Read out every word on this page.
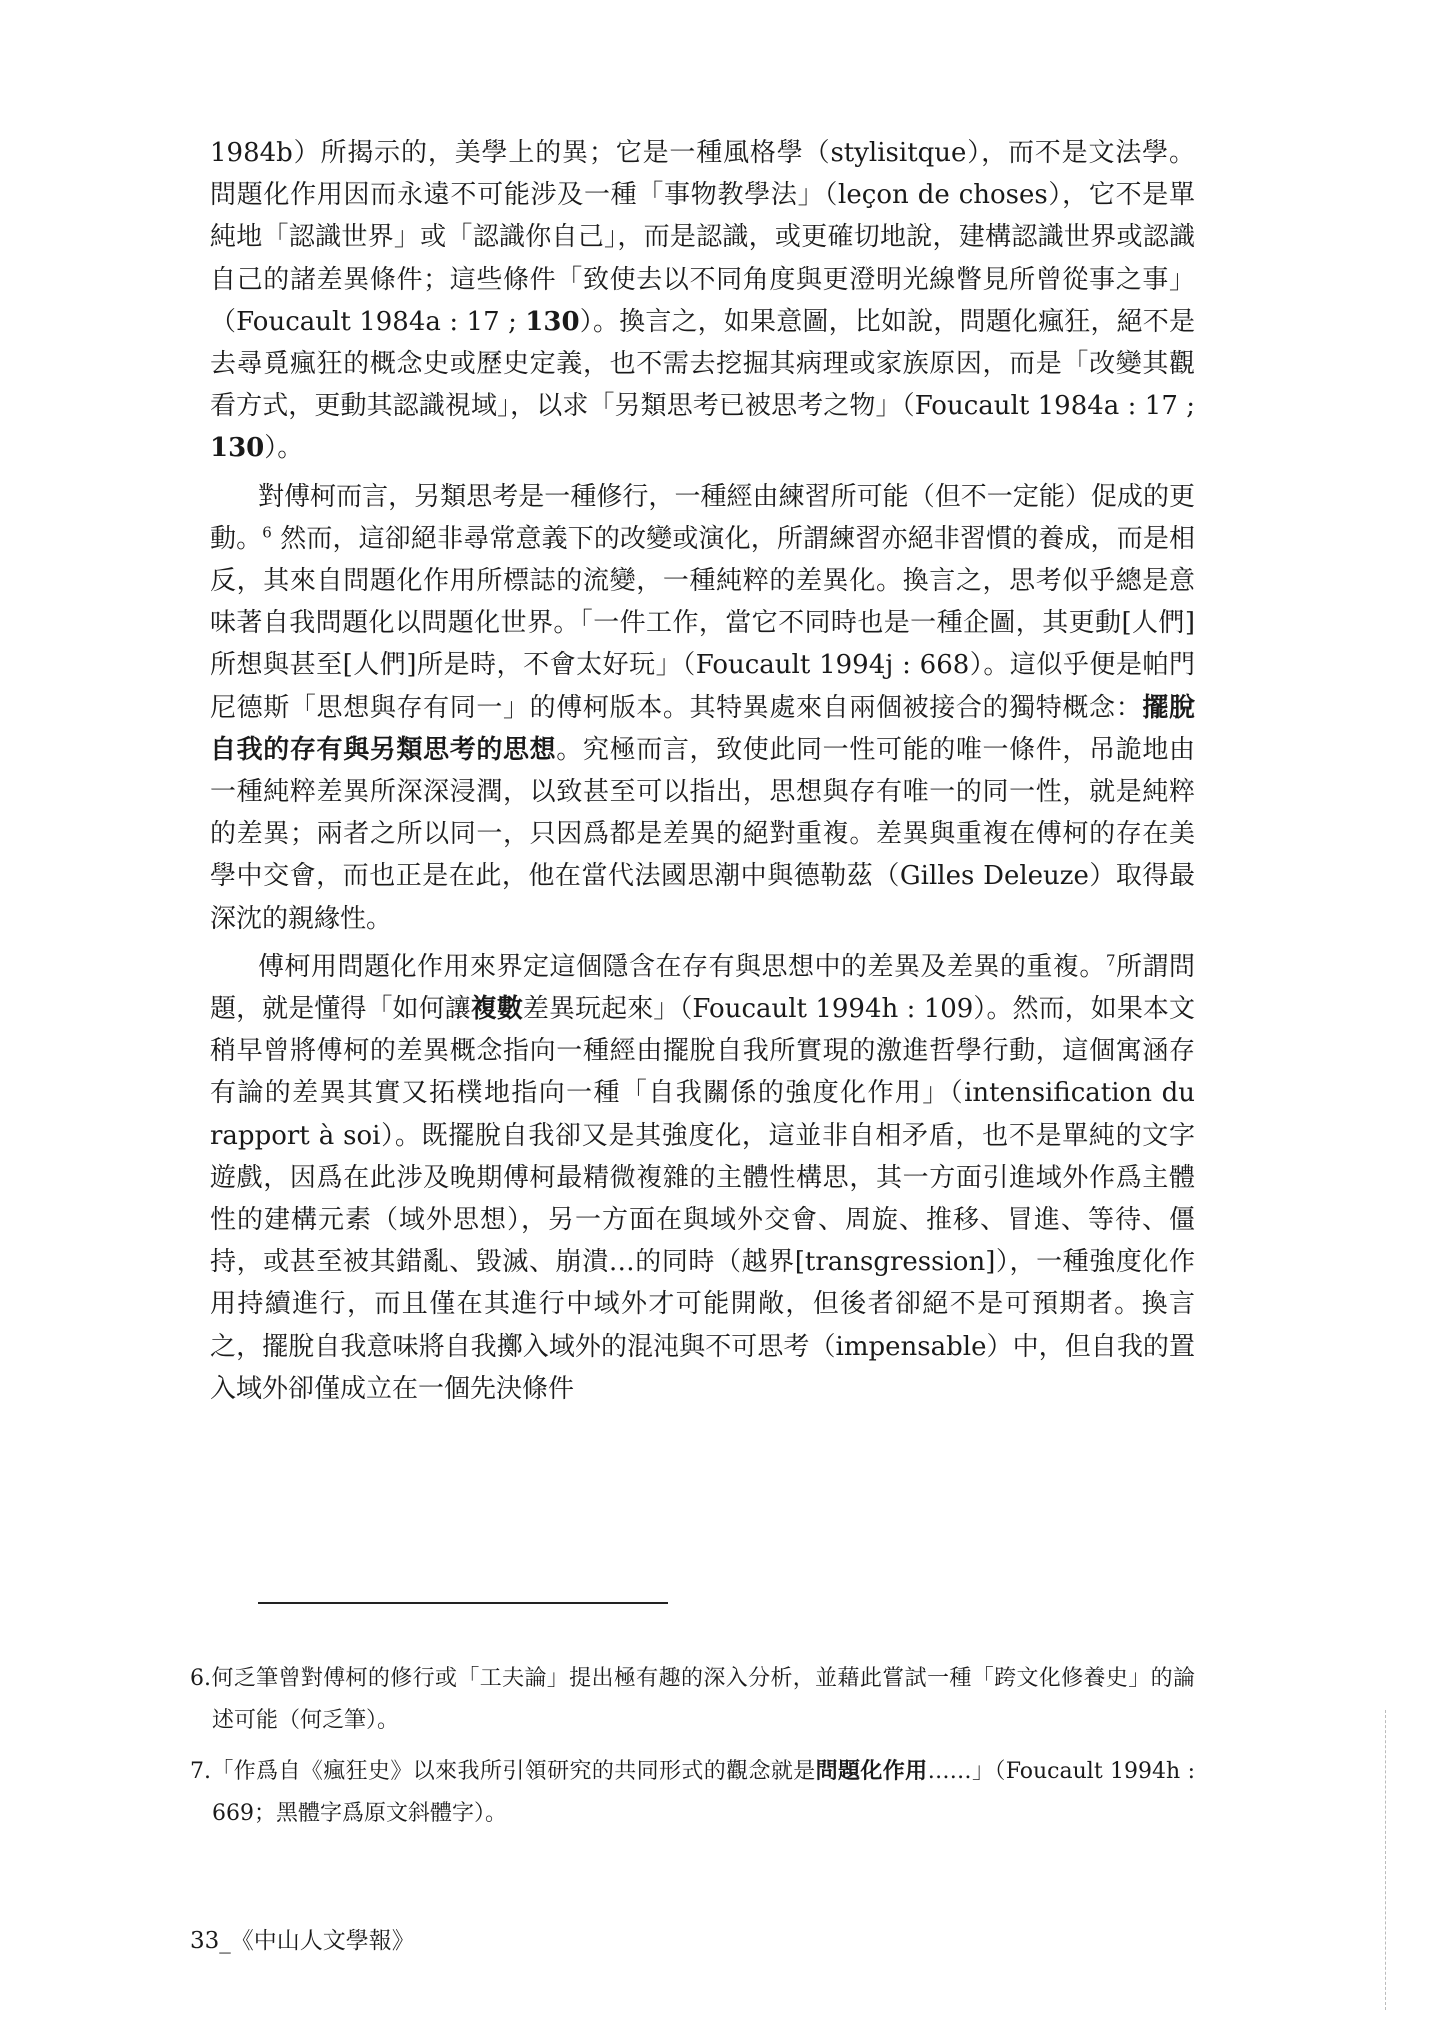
1984b）所揭示的，美學上的異；它是一種風格學（stylisitque），而不是文法學。問題化作用因而永遠不可能涉及一種「事物教學法」（leçon de choses），它不是單純地「認識世界」或「認識你自己」，而是認識，或更確切地說，建構認識世界或認識自己的諸差異條件；這些條件「致使去以不同角度與更澄明光線瞥見所曾從事之事」（Foucault 1984a : 17 ; 130）。換言之，如果意圖，比如說，問題化瘋狂，絕不是去尋覓瘋狂的概念史或歷史定義，也不需去挖掘其病理或家族原因，而是「改變其觀看方式，更動其認識視域」，以求「另類思考已被思考之物」（Foucault 1984a : 17 ; 130）。

對傅柯而言，另類思考是一種修行，一種經由練習所可能（但不一定能）促成的更動。$^6$ 然而，這卻絕非尋常意義下的改變或演化，所謂練習亦絕非習慣的養成，而是相反，其來自問題化作用所標誌的流變，一種純粹的差異化。換言之，思考似乎總是意味著自我問題化以問題化世界。「一件工作，當它不同時也是一種企圖，其更動[人們]所想與甚至[人們]所是時，不會太好玩」（Foucault 1994j : 668）。這似乎便是帕門尼德斯「思想與存有同一」的傅柯版本。其特異處來自兩個被接合的獨特概念：擺脫自我的存有與另類思考的思想。究極而言，致使此同一性可能的唯一條件，吊詭地由一種純粹差異所深深浸潤，以致甚至可以指出，思想與存有唯一的同一性，就是純粹的差異；兩者之所以同一，只因爲都是差異的絕對重複。差異與重複在傅柯的存在美學中交會，而也正是在此，他在當代法國思潮中與德勒茲（Gilles Deleuze）取得最深沈的親緣性。

傅柯用問題化作用來界定這個隱含在存有與思想中的差異及差異的重複。$^7$所謂問題，就是懂得「如何讓複數差異玩起來」（Foucault 1994h : 109）。然而，如果本文稍早曾將傅柯的差異概念指向一種經由擺脫自我所實現的激進哲學行動，這個寓涵存有論的差異其實又拓樸地指向一種「自我關係的強度化作用」（intensification du rapport à soi）。既擺脫自我卻又是其強度化，這並非自相矛盾，也不是單純的文字遊戲，因爲在此涉及晚期傅柯最精微複雜的主體性構思，其一方面引進域外作爲主體性的建構元素（域外思想），另一方面在與域外交會、周旋、推移、冒進、等待、僵持，或甚至被其錯亂、毀滅、崩潰…的同時（越界[transgression]），一種強度化作用持續進行，而且僅在其進行中域外才可能開敞，但後者卻絕不是可預期者。換言之，擺脫自我意味將自我擲入域外的混沌與不可思考（impensable）中，但自我的置入域外卻僅成立在一個先決條件

6.何乏筆曾對傅柯的修行或「工夫論」提出極有趣的深入分析，並藉此嘗試一種「跨文化修養史」的論述可能（何乏筆）。
7.「作爲自《瘋狂史》以來我所引領研究的共同形式的觀念就是問題化作用……」（Foucault 1994h : 669；黑體字爲原文斜體字）。
33_《中山人文學報》
